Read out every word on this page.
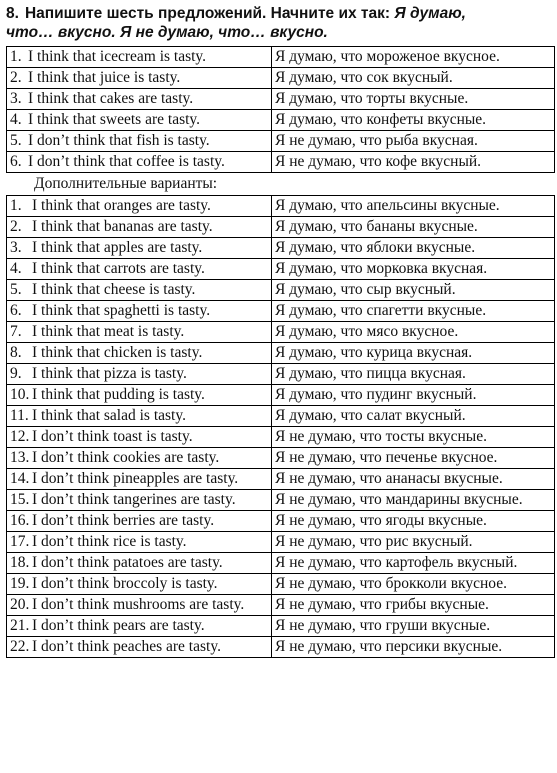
8. Напишите шесть предложений. Начните их так: Я думаю,
что… вкусно. Я не думаю, что… вкусно.
1. I think that icecream is tasty.	Я думаю, что мороженое вкусное.
2. I think that juice is tasty.	Я думаю, что сок вкусный.
3. I think that cakes are tasty.	Я думаю, что торты вкусные.
4. I think that sweets are tasty.	Я думаю, что конфеты вкусные.
5. I don’t think that fish is tasty.	Я не думаю, что рыба вкусная.
6. I don’t think that coffee is tasty.	Я не думаю, что кофе вкусный.
Дополнительные варианты:
1. I think that oranges are tasty.	Я думаю, что апельсины вкусные.
2. I think that bananas are tasty.	Я думаю, что бананы вкусные.
3. I think that apples are tasty.	Я думаю, что яблоки вкусные.
4. I think that carrots are tasty.	Я думаю, что морковка вкусная.
5. I think that cheese is tasty.	Я думаю, что сыр вкусный.
6. I think that spaghetti is tasty.	Я думаю, что спагетти вкусные.
7. I think that meat is tasty.	Я думаю, что мясо вкусное.
8. I think that chicken is tasty.	Я думаю, что курица вкусная.
9. I think that pizza is tasty.	Я думаю, что пицца вкусная.
10. I think that pudding is tasty.	Я думаю, что пудинг вкусный.
11. I think that salad is tasty.	Я думаю, что салат вкусный.
12. I don’t think toast is tasty.	Я не думаю, что тосты вкусные.
13. I don’t think cookies are tasty.	Я не думаю, что печенье вкусное.
14. I don’t think pineapples are tasty.	Я не думаю, что ананасы вкусные.
15. I don’t think tangerines are tasty.	Я не думаю, что мандарины вкусные.
16. I don’t think berries are tasty.	Я не думаю, что ягоды вкусные.
17. I don’t think rice is tasty.	Я не думаю, что рис вкусный.
18. I don’t think patatoes are tasty.	Я не думаю, что картофель вкусный.
19. I don’t think broccoly is tasty.	Я не думаю, что брокколи вкусное.
20. I don’t think mushrooms are tasty.	Я не думаю, что грибы вкусные.
21. I don’t think pears are tasty.	Я не думаю, что груши вкусные.
22. I don’t think peaches are tasty.	Я не думаю, что персики вкусные.
